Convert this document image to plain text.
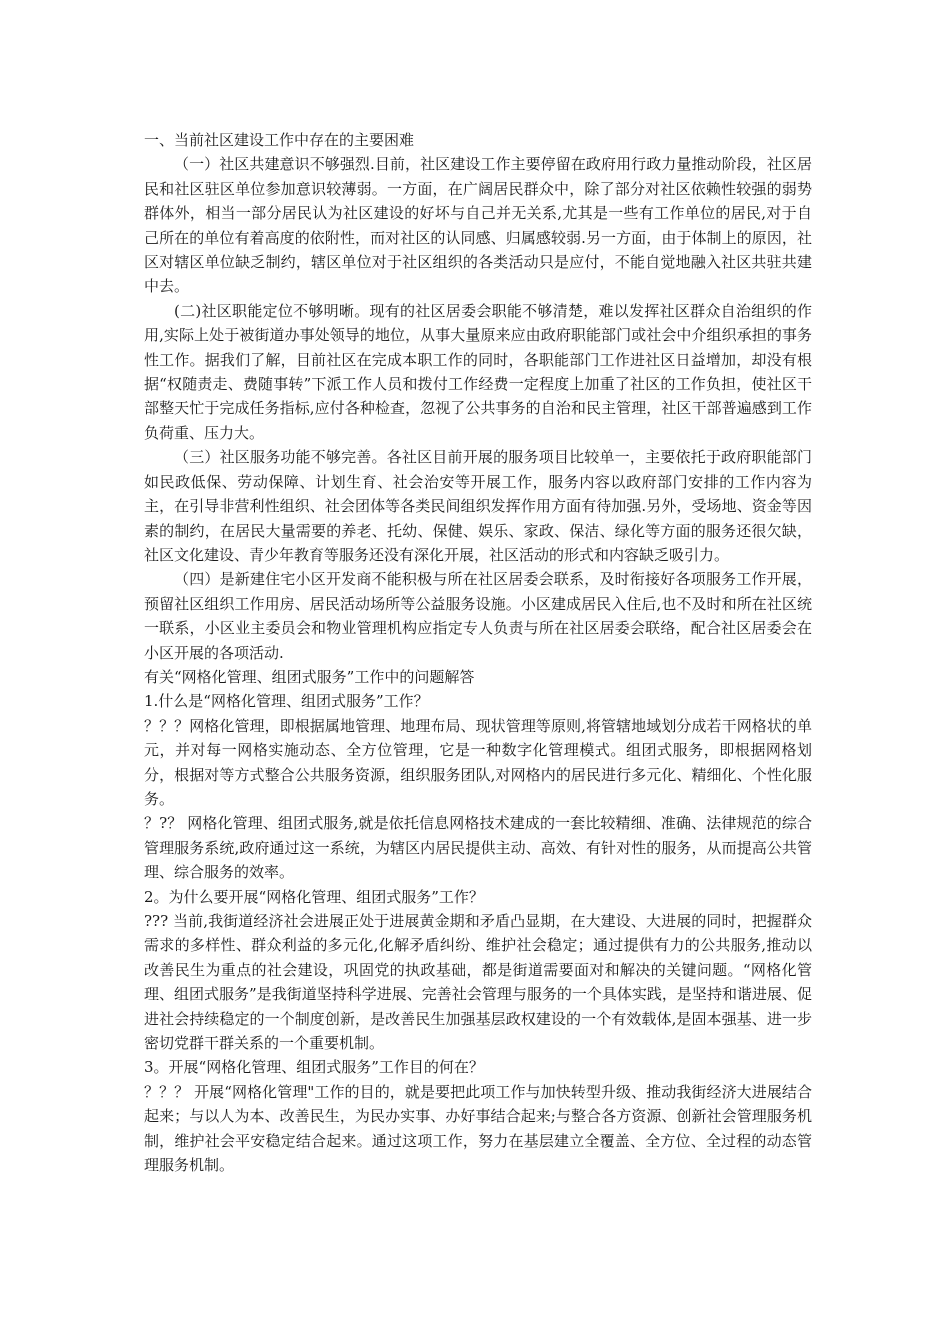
一、当前社区建设工作中存在的主要困难

（一）社区共建意识不够强烈.目前，社区建设工作主要停留在政府用行政力量推动阶段，社区居民和社区驻区单位参加意识较薄弱。一方面，在广阔居民群众中，除了部分对社区依赖性较强的弱势群体外，相当一部分居民认为社区建设的好坏与自己并无关系,尤其是一些有工作单位的居民,对于自己所在的单位有着高度的依附性，而对社区的认同感、归属感较弱.另一方面，由于体制上的原因，社区对辖区单位缺乏制约，辖区单位对于社区组织的各类活动只是应付，不能自觉地融入社区共驻共建中去。

(二)社区职能定位不够明晰。现有的社区居委会职能不够清楚，难以发挥社区群众自治组织的作用,实际上处于被街道办事处领导的地位，从事大量原来应由政府职能部门或社会中介组织承担的事务性工作。据我们了解，目前社区在完成本职工作的同时，各职能部门工作进社区日益增加，却没有根据“权随责走、费随事转”下派工作人员和拨付工作经费一定程度上加重了社区的工作负担，使社区干部整天忙于完成任务指标,应付各种检查，忽视了公共事务的自治和民主管理，社区干部普遍感到工作负荷重、压力大。

（三）社区服务功能不够完善。各社区目前开展的服务项目比较单一，主要依托于政府职能部门如民政低保、劳动保障、计划生育、社会治安等开展工作，服务内容以政府部门安排的工作内容为主，在引导非营利性组织、社会团体等各类民间组织发挥作用方面有待加强.另外，受场地、资金等因素的制约，在居民大量需要的养老、托幼、保健、娱乐、家政、保洁、绿化等方面的服务还很欠缺，社区文化建设、青少年教育等服务还没有深化开展，社区活动的形式和内容缺乏吸引力。

（四）是新建住宅小区开发商不能积极与所在社区居委会联系，及时衔接好各项服务工作开展，预留社区组织工作用房、居民活动场所等公益服务设施。小区建成居民入住后,也不及时和所在社区统一联系，小区业主委员会和物业管理机构应指定专人负责与所在社区居委会联络，配合社区居委会在小区开展的各项活动.

有关“网格化管理、组团式服务”工作中的问题解答

1.什么是“网格化管理、组团式服务”工作？

？？？网格化管理，即根据属地管理、地理布局、现状管理等原则,将管辖地域划分成若干网格状的单元，并对每一网格实施动态、全方位管理，它是一种数字化管理模式。组团式服务，即根据网格划分，根据对等方式整合公共服务资源，组织服务团队,对网格内的居民进行多元化、精细化、个性化服务。

？?？ 网格化管理、组团式服务,就是依托信息网格技术建成的一套比较精细、准确、法律规范的综合管理服务系统,政府通过这一系统，为辖区内居民提供主动、高效、有针对性的服务，从而提高公共管理、综合服务的效率。

2。为什么要开展“网格化管理、组团式服务”工作？

??? 当前,我街道经济社会进展正处于进展黄金期和矛盾凸显期，在大建设、大进展的同时，把握群众需求的多样性、群众利益的多元化,化解矛盾纠纷、维护社会稳定；通过提供有力的公共服务,推动以改善民生为重点的社会建设，巩固党的执政基础，都是街道需要面对和解决的关键问题。“网格化管理、组团式服务”是我街道坚持科学进展、完善社会管理与服务的一个具体实践，是坚持和谐进展、促进社会持续稳定的一个制度创新，是改善民生加强基层政权建设的一个有效载体,是固本强基、进一步密切党群干群关系的一个重要机制。

3。开展“网格化管理、组团式服务”工作目的何在？

？？？ 开展“网格化管理"工作的目的，就是要把此项工作与加快转型升级、推动我街经济大进展结合起来；与以人为本、改善民生，为民办实事、办好事结合起来;与整合各方资源、创新社会管理服务机制，维护社会平安稳定结合起来。通过这项工作，努力在基层建立全覆盖、全方位、全过程的动态管理服务机制。
